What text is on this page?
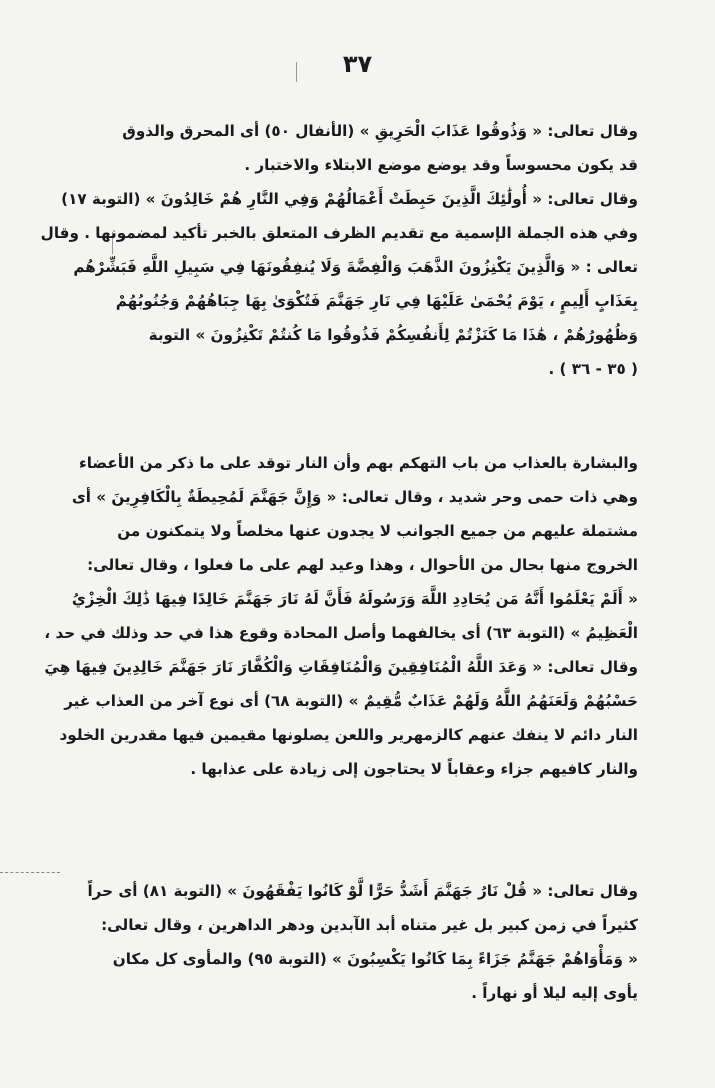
٣٧
وقال تعالى: « وَذُوقُوا عَذَابَ الْحَرِيقِ » (الأنفال ٥٠) أى المحرق والذوق
قد يكون محسوساً وقد يوضع موضع الابتلاء والاختبار .
وقال تعالى: « أُولَٰئِكَ الَّذِينَ حَبِطَتْ أَعْمَالُهُمْ وَفِي النَّارِ هُمْ خَالِدُونَ » (التوبة ١٧)
وفي هذه الجملة الإسمية مع تقديم الظرف المتعلق بالخبر تأكيد لمضمونها . وقال
تعالى : « وَالَّذِينَ يَكْنِزُونَ الذَّهَبَ وَالْفِضَّةَ وَلَا يُنفِقُونَهَا فِي سَبِيلِ اللَّهِ فَبَشِّرْهُم
بِعَذَابٍ أَلِيمٍ ، يَوْمَ يُحْمَىٰ عَلَيْهَا فِي نَارِ جَهَنَّمَ فَتُكْوَىٰ بِهَا جِبَاهُهُمْ وَجُنُوبُهُمْ
وَظُهُورُهُمْ ، هَٰذَا مَا كَنَزْتُمْ لِأَنفُسِكُمْ فَذُوقُوا مَا كُنتُمْ تَكْنِزُونَ » التوبة
( ٣٥ - ٣٦ ) .
والبشارة بالعذاب من باب التهكم بهم وأن النار توقد على ما ذكر من الأعضاء
وهي ذات حمى وحر شديد ، وقال تعالى: « وَإِنَّ جَهَنَّمَ لَمُحِيطَةٌ بِالْكَافِرِينَ » أى
مشتملة عليهم من جميع الجوانب لا يجدون عنها مخلصاً ولا يتمكنون من
الخروج منها بحال من الأحوال ، وهذا وعيد لهم على ما فعلوا ، وقال تعالى:
« أَلَمْ يَعْلَمُوا أَنَّهُ مَن يُحَادِدِ اللَّهَ وَرَسُولَهُ فَأَنَّ لَهُ نَارَ جَهَنَّمَ خَالِدًا فِيهَا ذَٰلِكَ الْخِزْيُ
الْعَظِيمُ » (التوبة ٦٣) أى يخالفهما وأصل المحادة وقوع هذا في حد وذلك في حد ،
وقال تعالى: « وَعَدَ اللَّهُ الْمُنَافِقِينَ وَالْمُنَافِقَاتِ وَالْكُفَّارَ نَارَ جَهَنَّمَ خَالِدِينَ فِيهَا هِيَ
حَسْبُهُمْ وَلَعَنَهُمُ اللَّهُ وَلَهُمْ عَذَابٌ مُّقِيمٌ » (التوبة ٦٨) أى نوع آخر من العذاب غير
النار دائم لا ينفك عنهم كالزمهرير واللعن يصلونها مقيمين فيها مقدرين الخلود
والنار كافيهم جزاء وعقاباً لا يحتاجون إلى زيادة على عذابها .
وقال تعالى: « قُلْ نَارُ جَهَنَّمَ أَشَدُّ حَرًّا لَّوْ كَانُوا يَفْقَهُونَ » (التوبة ٨١) أى حراً
كثيراً في زمن كبير بل غير متناه أبد الآبدين ودهر الداهرين ، وقال تعالى:
« وَمَأْوَاهُمْ جَهَنَّمُ جَزَاءً بِمَا كَانُوا يَكْسِبُونَ » (التوبة ٩٥) والمأوى كل مكان
يأوى إليه ليلا أو نهاراً .
